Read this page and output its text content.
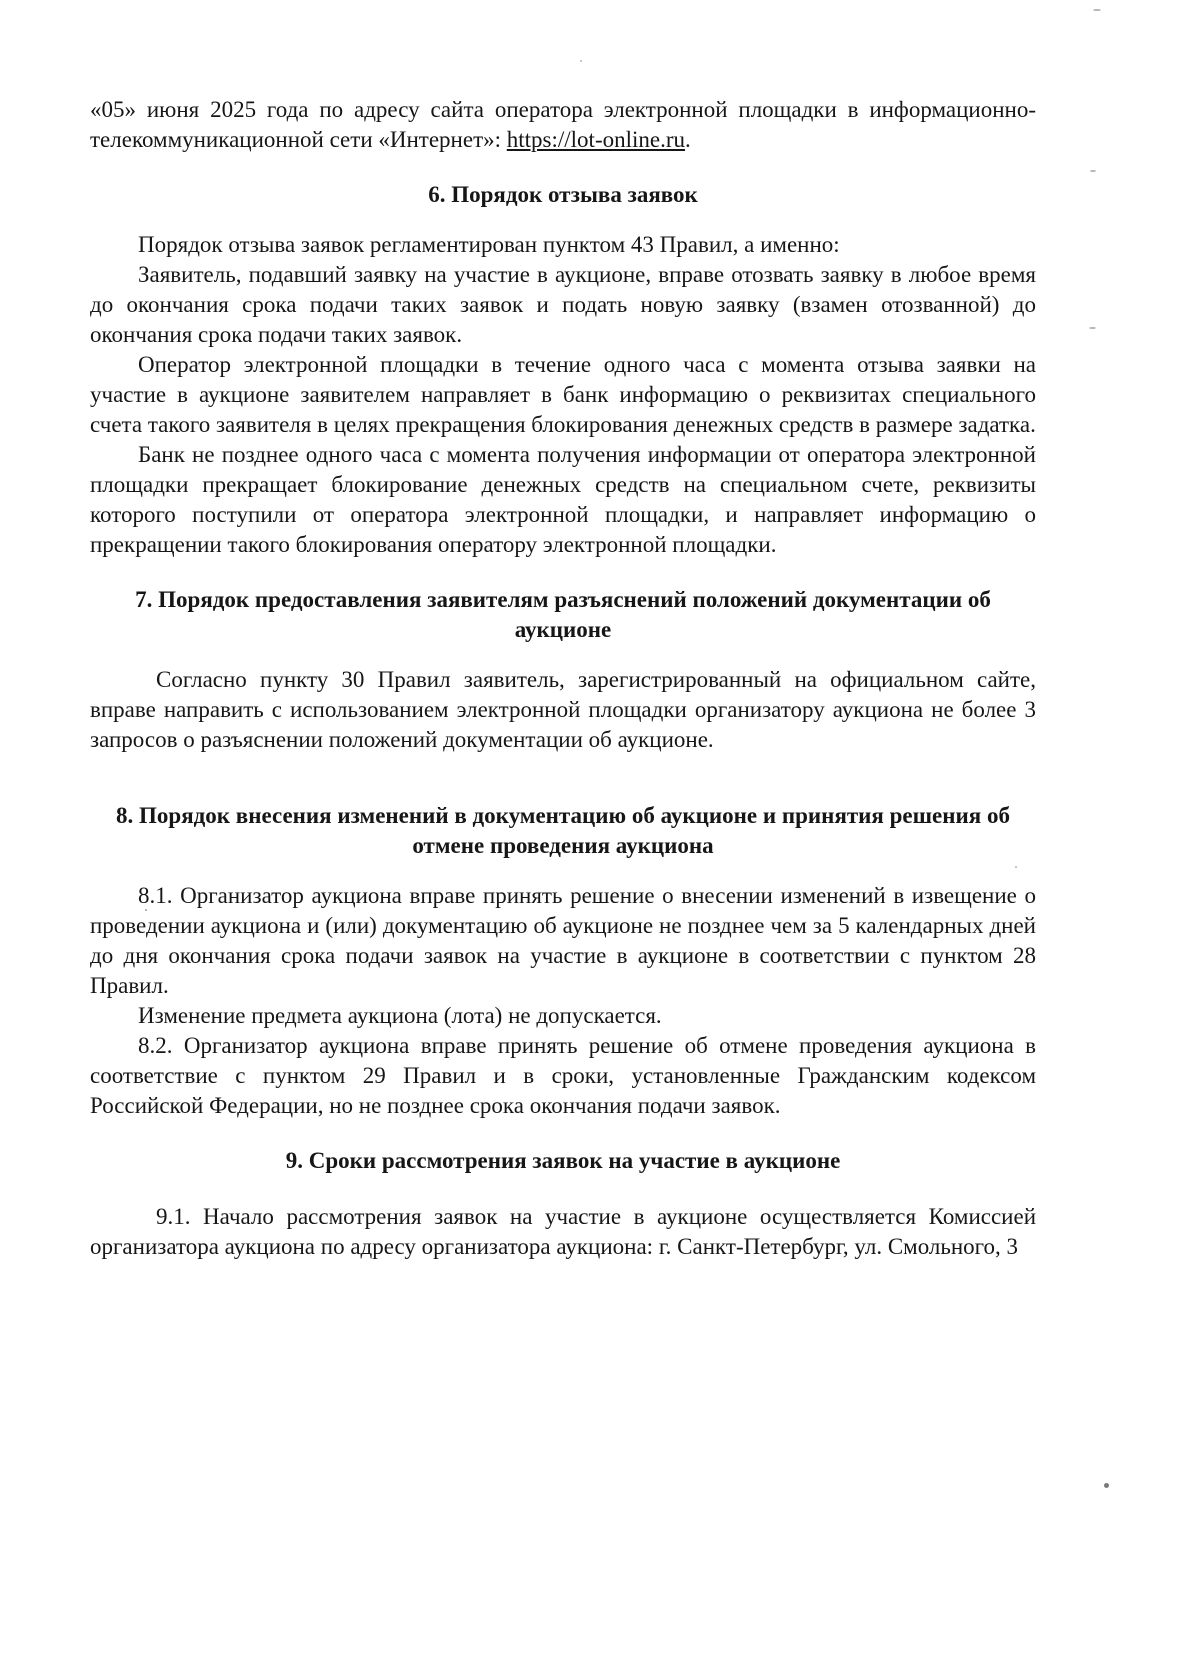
«05» июня 2025 года по адресу сайта оператора электронной площадки в информационно-телекоммуникационной сети «Интернет»: https://lot-online.ru.

6. Порядок отзыва заявок

Порядок отзыва заявок регламентирован пунктом 43 Правил, а именно:

Заявитель, подавший заявку на участие в аукционе, вправе отозвать заявку в любое время до окончания срока подачи таких заявок и подать новую заявку (взамен отозванной) до окончания срока подачи таких заявок.

Оператор электронной площадки в течение одного часа с момента отзыва заявки на участие в аукционе заявителем направляет в банк информацию о реквизитах специального счета такого заявителя в целях прекращения блокирования денежных средств в размере задатка.

Банк не позднее одного часа с момента получения информации от оператора электронной площадки прекращает блокирование денежных средств на специальном счете, реквизиты которого поступили от оператора электронной площадки, и направляет информацию о прекращении такого блокирования оператору электронной площадки.

7. Порядок предоставления заявителям разъяснений положений документации об аукционе

Согласно пункту 30 Правил заявитель, зарегистрированный на официальном сайте, вправе направить с использованием электронной площадки организатору аукциона не более 3 запросов о разъяснении положений документации об аукционе.

8. Порядок внесения изменений в документацию об аукционе и принятия решения об отмене проведения аукциона

8.1. Организатор аукциона вправе принять решение о внесении изменений в извещение о проведении аукциона и (или) документацию об аукционе не позднее чем за 5 календарных дней до дня окончания срока подачи заявок на участие в аукционе в соответствии с пунктом 28 Правил.

Изменение предмета аукциона (лота) не допускается.

8.2. Организатор аукциона вправе принять решение об отмене проведения аукциона в соответствие с пунктом 29 Правил и в сроки, установленные Гражданским кодексом Российской Федерации, но не позднее срока окончания подачи заявок.

9. Сроки рассмотрения заявок на участие в аукционе

9.1. Начало рассмотрения заявок на участие в аукционе осуществляется Комиссией организатора аукциона по адресу организатора аукциона: г. Санкт-Петербург, ул. Смольного, 3
